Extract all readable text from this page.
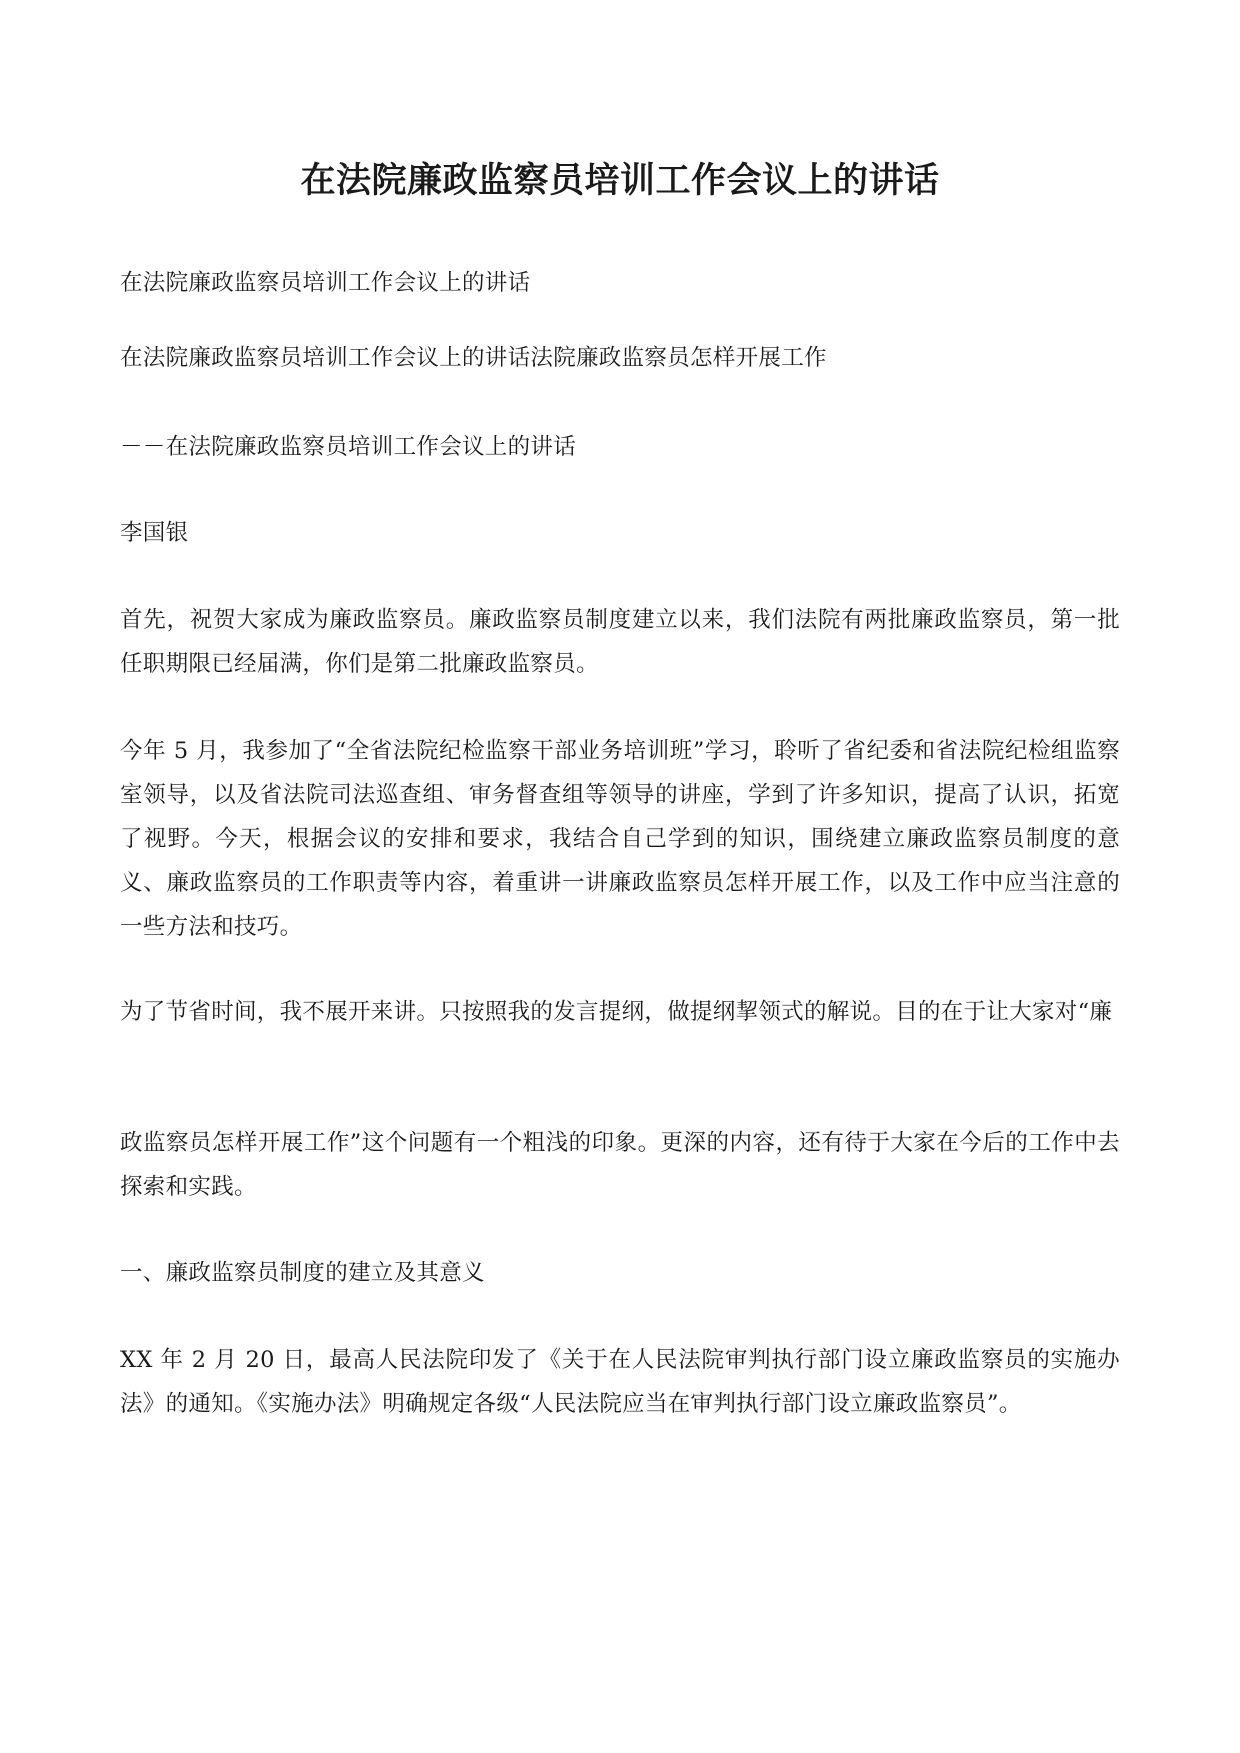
在法院廉政监察员培训工作会议上的讲话

在法院廉政监察员培训工作会议上的讲话

在法院廉政监察员培训工作会议上的讲话法院廉政监察员怎样开展工作

－－在法院廉政监察员培训工作会议上的讲话

李国银

首先，祝贺大家成为廉政监察员。廉政监察员制度建立以来，我们法院有两批廉政监察员，第一批任职期限已经届满，你们是第二批廉政监察员。

今年 5 月，我参加了“全省法院纪检监察干部业务培训班”学习，聆听了省纪委和省法院纪检组监察室领导，以及省法院司法巡查组、审务督查组等领导的讲座，学到了许多知识，提高了认识，拓宽了视野。今天，根据会议的安排和要求，我结合自己学到的知识，围绕建立廉政监察员制度的意义、廉政监察员的工作职责等内容，着重讲一讲廉政监察员怎样开展工作，以及工作中应当注意的一些方法和技巧。

为了节省时间，我不展开来讲。只按照我的发言提纲，做提纲挈领式的解说。目的在于让大家对“廉

政监察员怎样开展工作”这个问题有一个粗浅的印象。更深的内容，还有待于大家在今后的工作中去探索和实践。

一、廉政监察员制度的建立及其意义

XX 年 2 月 20 日，最高人民法院印发了《关于在人民法院审判执行部门设立廉政监察员的实施办法》的通知。《实施办法》明确规定各级“人民法院应当在审判执行部门设立廉政监察员”。
